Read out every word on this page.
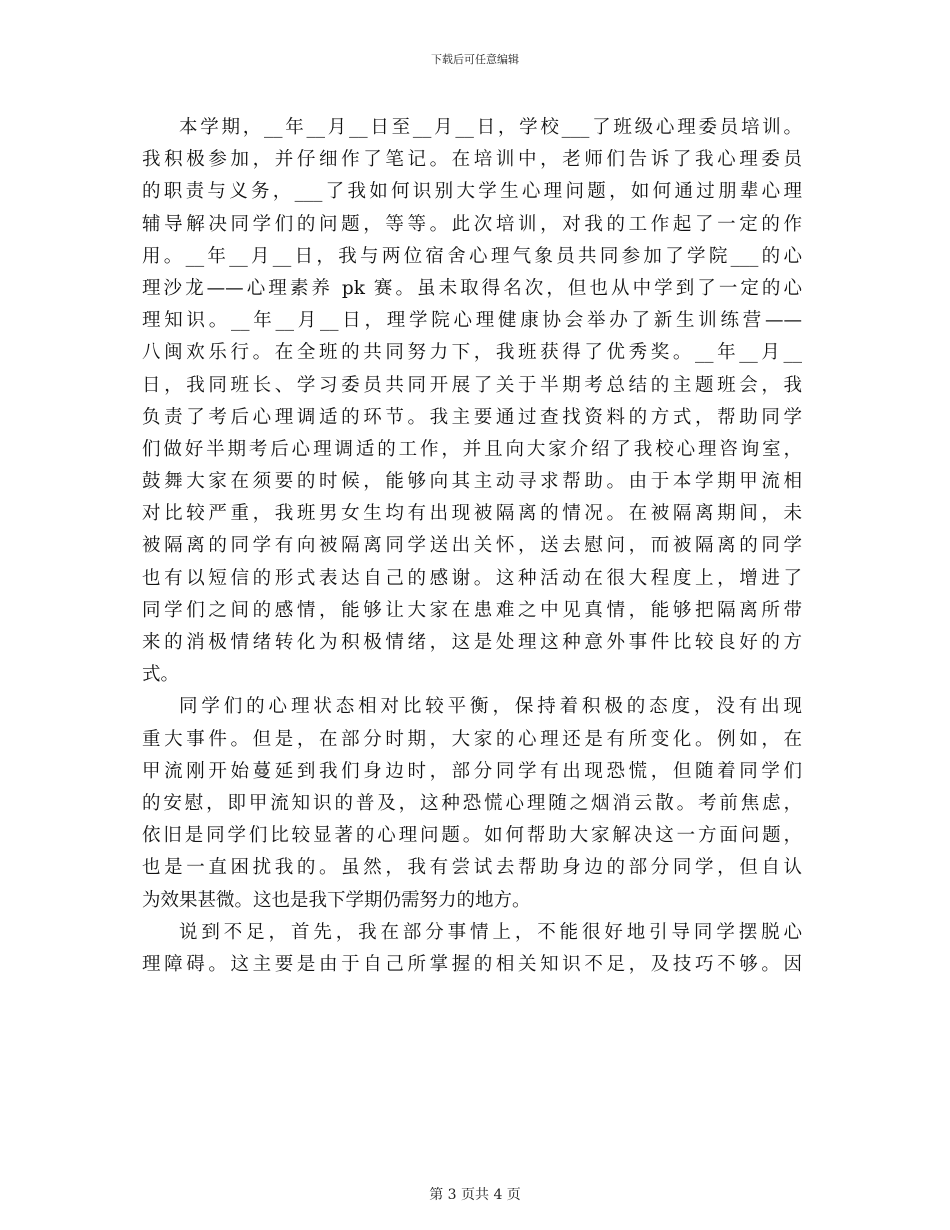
下载后可任意编辑
本学期，__年__月__日至__月__日，学校___了班级心理委员培训。
我积极参加，并仔细作了笔记。在培训中，老师们告诉了我心理委员
的职责与义务，___了我如何识别大学生心理问题，如何通过朋辈心理
辅导解决同学们的问题，等等。此次培训，对我的工作起了一定的作
用。__年__月__日，我与两位宿舍心理气象员共同参加了学院___的心
理沙龙——心理素养 pk 赛。虽未取得名次，但也从中学到了一定的心
理知识。__年__月__日，理学院心理健康协会举办了新生训练营——
八闽欢乐行。在全班的共同努力下，我班获得了优秀奖。__年__月__
日，我同班长、学习委员共同开展了关于半期考总结的主题班会，我
负责了考后心理调适的环节。我主要通过查找资料的方式，帮助同学
们做好半期考后心理调适的工作，并且向大家介绍了我校心理咨询室，
鼓舞大家在须要的时候，能够向其主动寻求帮助。由于本学期甲流相
对比较严重，我班男女生均有出现被隔离的情况。在被隔离期间，未
被隔离的同学有向被隔离同学送出关怀，送去慰问，而被隔离的同学
也有以短信的形式表达自己的感谢。这种活动在很大程度上，增进了
同学们之间的感情，能够让大家在患难之中见真情，能够把隔离所带
来的消极情绪转化为积极情绪，这是处理这种意外事件比较良好的方
式。
同学们的心理状态相对比较平衡，保持着积极的态度，没有出现
重大事件。但是，在部分时期，大家的心理还是有所变化。例如，在
甲流刚开始蔓延到我们身边时，部分同学有出现恐慌，但随着同学们
的安慰，即甲流知识的普及，这种恐慌心理随之烟消云散。考前焦虑，
依旧是同学们比较显著的心理问题。如何帮助大家解决这一方面问题，
也是一直困扰我的。虽然，我有尝试去帮助身边的部分同学，但自认
为效果甚微。这也是我下学期仍需努力的地方。
说到不足，首先，我在部分事情上，不能很好地引导同学摆脱心
理障碍。这主要是由于自己所掌握的相关知识不足，及技巧不够。因
第 3 页共 4 页
